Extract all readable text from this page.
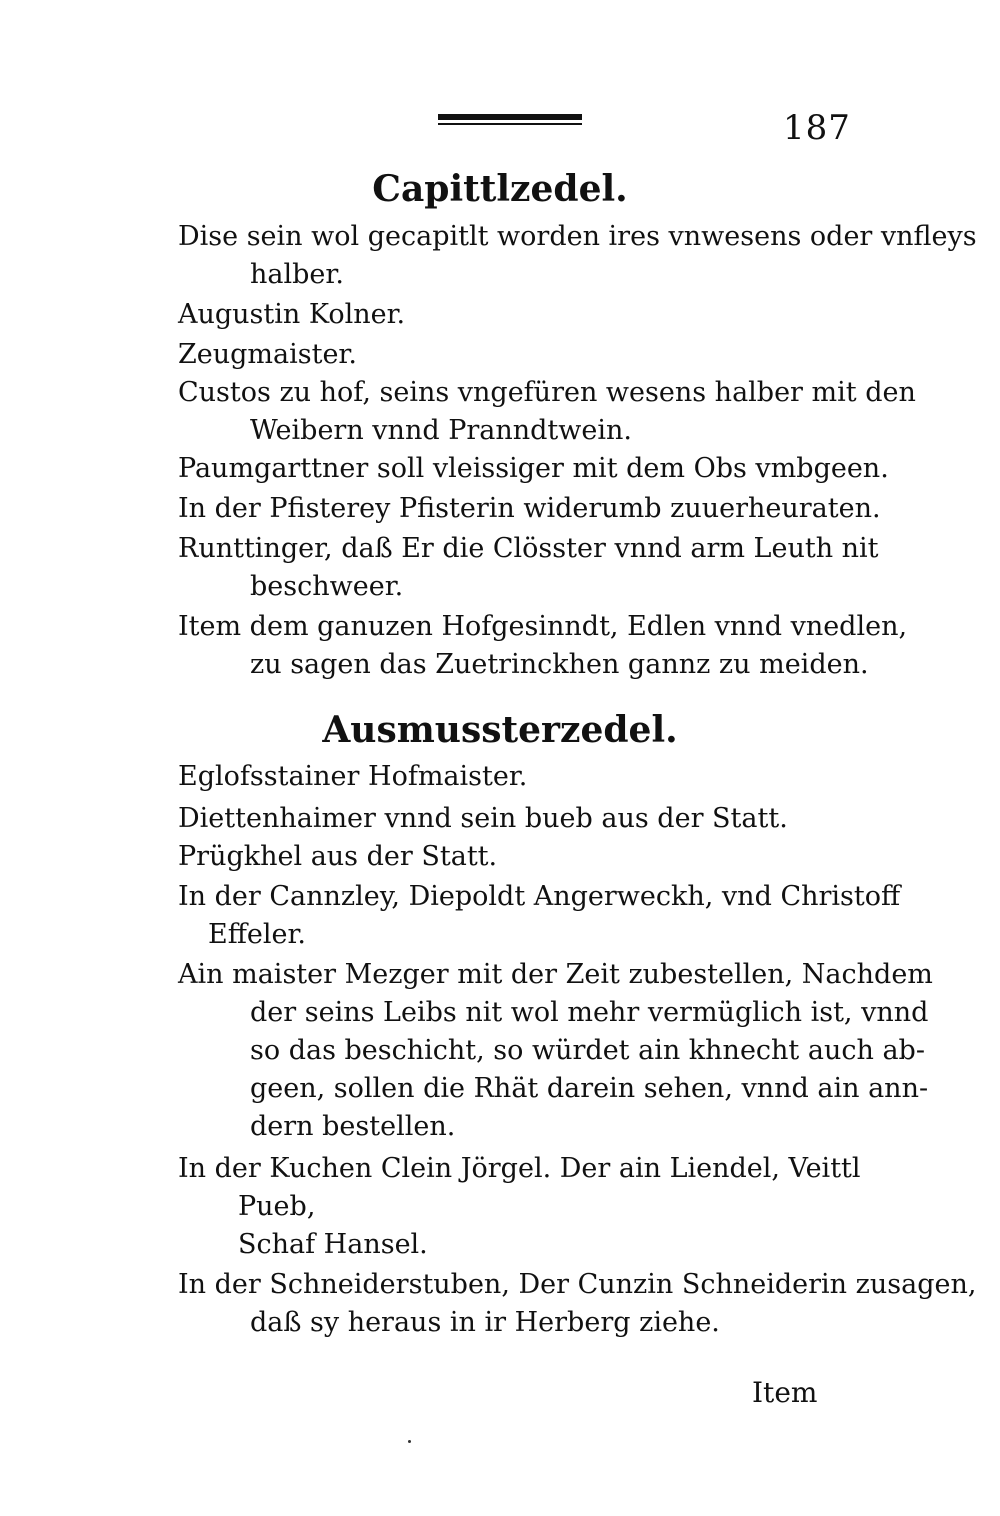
187
Capittlzedel.
Dise sein wol gecapitlt worden ires vnwesens oder vnfleys
halber.
Augustin Kolner.
Zeugmaister.
Custos zu hof, seins vngefüren wesens halber mit den
Weibern vnnd Pranndtwein.
Paumgarttner soll vleissiger mit dem Obs vmbgeen.
In der Pfisterey Pfisterin widerumb zuuerheuraten.
Runttinger, daß Er die Clösster vnnd arm Leuth nit
beschweer.
Item dem ganuzen Hofgesinndt, Edlen vnnd vnedlen,
zu sagen das Zuetrinckhen gannz zu meiden.
Ausmussterzedel.
Eglofsstainer Hofmaister.
Diettenhaimer vnnd sein bueb aus der Statt.
Prügkhel aus der Statt.
In der Cannzley, Diepoldt Angerweckh, vnd Christoff
Effeler.
Ain maister Mezger mit der Zeit zubestellen, Nachdem
der seins Leibs nit wol mehr vermüglich ist, vnnd
so das beschicht, so würdet ain khnecht auch ab-
geen, sollen die Rhät darein sehen, vnnd ain ann-
dern bestellen.
In der Kuchen Clein Jörgel. Der ain Liendel, Veittl
Pueb,
Schaf Hansel.
In der Schneiderstuben, Der Cunzin Schneiderin zusagen,
daß sy heraus in ir Herberg ziehe.
Item
